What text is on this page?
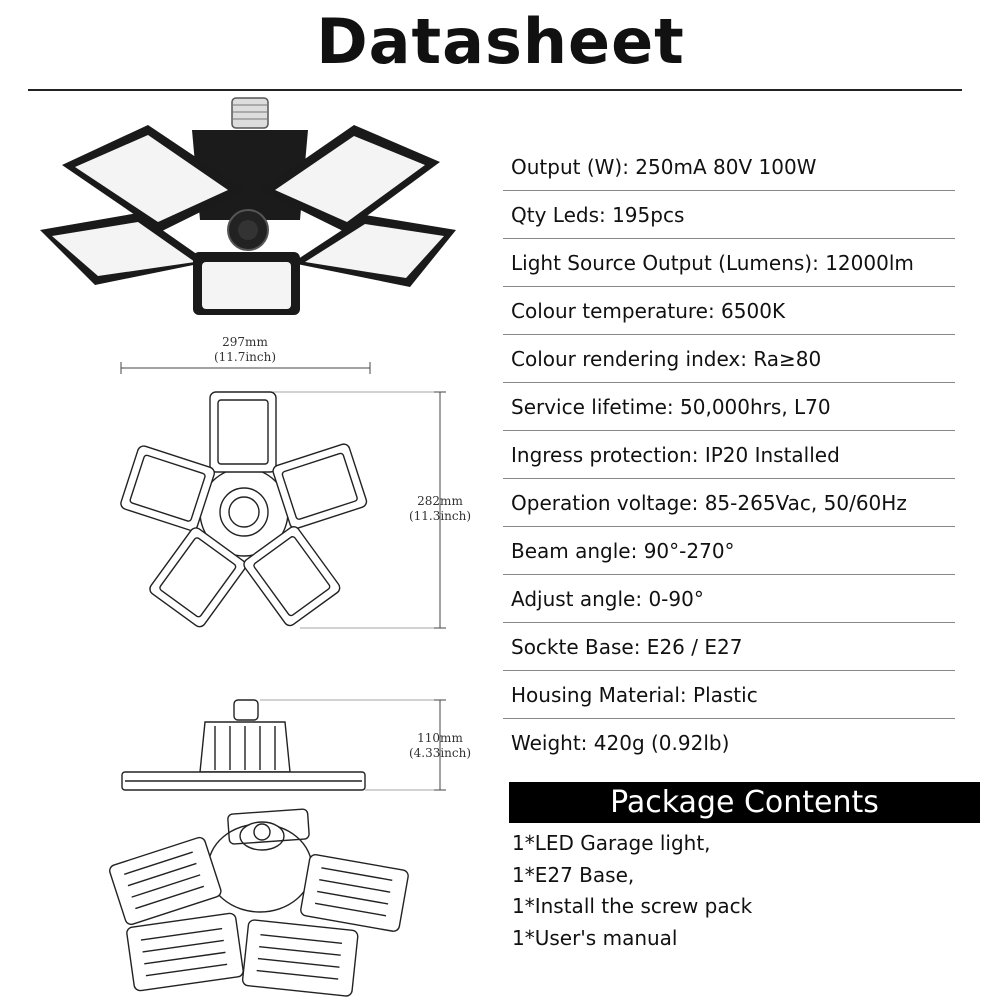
Datasheet
Output (W): 250mA 80V 100W
Qty Leds: 195pcs
Light Source Output (Lumens): 12000lm
Colour temperature: 6500K
Colour rendering index: Ra≥80
Service lifetime: 50,000hrs, L70
Ingress protection: IP20 Installed
Operation voltage: 85-265Vac, 50/60Hz
Beam angle: 90°-270°
Adjust angle: 0-90°
Sockte Base: E26 / E27
Housing Material: Plastic
Weight: 420g (0.92lb)
Package Contents
1*LED Garage light,
1*E27 Base,
1*Install the screw pack
1*User's manual
297mm
(11.7inch)
282mm
(11.3inch)
110mm
(4.33inch)
